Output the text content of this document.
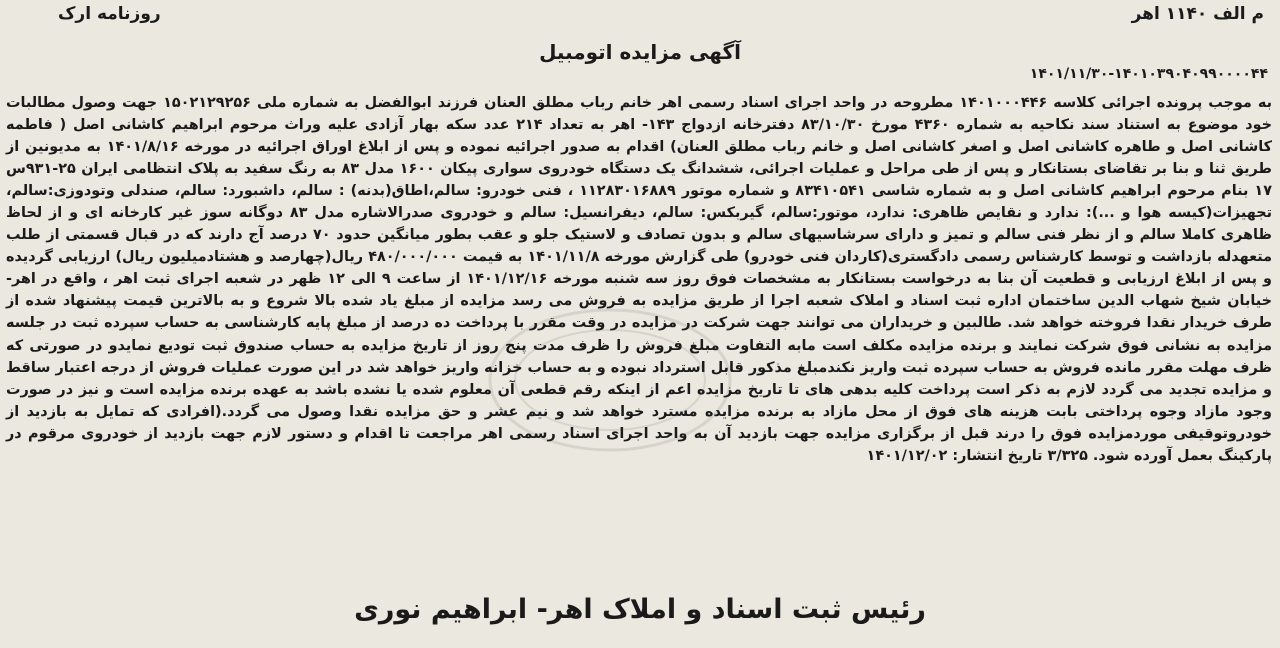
روزنامه ارک	م الف ۱۱۴۰ اهر
آگهی مزایده اتومبیل
۱۴۰۱/۱۱/۳۰-۱۴۰۱۰۳۹۰۴۰۹۹۰۰۰۰۴۴

به موجب پرونده اجرائی کلاسه ۱۴۰۱۰۰۰۴۴۶ مطروحه در واحد اجرای اسناد رسمی اهر خانم رباب مطلق العنان فرزند ابوالفضل به شماره ملی ۱۵۰۲۱۲۹۲۵۶ جهت وصول مطالبات خود موضوع به استناد سند نکاحیه به شماره ۴۳۶۰ مورخ ۸۳/۱۰/۳۰ دفترخانه ازدواج ۱۴۳- اهر به تعداد ۲۱۴ عدد سکه بهار آزادی علیه وراث مرحوم ابراهیم کاشانی اصل ( فاطمه کاشانی اصل و طاهره کاشانی اصل و اصغر کاشانی اصل و خانم رباب مطلق العنان) اقدام به صدور اجرائیه نموده و پس از ابلاغ اوراق اجرائیه در مورخه ۱۴۰۱/۸/۱۶ به مدیونین از طریق ثنا و بنا بر تقاضای بستانکار و پس از طی مراحل و عملیات اجرائی، ششدانگ یک دستگاه خودروی سواری پیکان ۱۶۰۰ مدل ۸۳ به رنگ سفید به پلاک انتظامی ایران ۲۵-۹۳۱س ۱۷ بنام مرحوم ابراهیم کاشانی اصل و به شماره شاسی ۸۳۴۱۰۵۴۱ و شماره موتور ۱۱۲۸۳۰۱۶۸۸۹ ، فنی خودرو: سالم،اطاق(بدنه) : سالم، داشبورد: سالم، صندلی وتودوزی:سالم، تجهیزات(کیسه هوا و ...): ندارد و نقایص ظاهری: ندارد، موتور:سالم، گیربکس: سالم، دیفرانسیل: سالم و خودروی صدرالاشاره مدل ۸۳ دوگانه سوز غیر کارخانه ای و از لحاظ ظاهری کاملا سالم و از نظر فنی سالم و تمیز و دارای سرشاسیهای سالم و بدون تصادف و لاستیک جلو و عقب بطور میانگین حدود ۷۰ درصد آج دارند که در قبال قسمتی از طلب متعهدله بازداشت و توسط کارشناس رسمی دادگستری(کاردان فنی خودرو) طی گزارش مورخه ۱۴۰۱/۱۱/۸ به قیمت ۴۸۰/۰۰۰/۰۰۰ ریال(چهارصد و هشتادمیلیون ریال) ارزیابی گردیده و پس از ابلاغ ارزیابی و قطعیت آن بنا به درخواست بستانکار به مشخصات فوق روز سه شنبه مورخه ۱۴۰۱/۱۲/۱۶ از ساعت ۹ الی ۱۲ ظهر در شعبه اجرای ثبت اهر ، واقع در اهر- خیابان شیخ شهاب الدین ساختمان اداره ثبت اسناد و املاک شعبه اجرا از طریق مزایده به فروش می رسد مزایده از مبلغ یاد شده بالا شروع و به بالاترین قیمت پیشنهاد شده از طرف خریدار نقدا فروخته خواهد شد. طالبین و خریداران می توانند جهت شرکت در مزایده در وقت مقرر با پرداخت ده درصد از مبلغ پایه کارشناسی به حساب سپرده ثبت در جلسه مزایده به نشانی فوق شرکت نمایند و برنده مزایده مکلف است مابه التفاوت مبلغ فروش را ظرف مدت پنج روز از تاریخ مزایده به حساب صندوق ثبت تودیع نمایدو در صورتی که ظرف مهلت مقرر مانده فروش به حساب سپرده ثبت واریز نکندمبلغ مذکور قابل استرداد نبوده و به حساب خزانه واریز خواهد شد در این صورت عملیات فروش از درجه اعتبار ساقط و مزایده تجدید می گردد لازم به ذکر است پرداخت کلیه بدهی های تا تاریخ مزایده اعم از اینکه رقم قطعی آن معلوم شده یا نشده باشد به عهده برنده مزایده است و نیز در صورت وجود مازاد وجوه پرداختی بابت هزینه های فوق از محل مازاد به برنده مزایده مسترد خواهد شد و نیم عشر و حق مزایده نقدا وصول می گردد.(افرادی که تمایل به بازدید از خودروتوقیفی موردمزایده فوق را درند قبل از برگزاری مزایده جهت بازدید آن به واحد اجرای اسناد رسمی اهر مراجعت تا اقدام و دستور لازم جهت بازدید از خودروی مرقوم در پارکینگ بعمل آورده شود. ۳/۳۲۵ تاریخ انتشار: ۱۴۰۱/۱۲/۰۲

رئیس ثبت اسناد و املاک اهر- ابراهیم نوری
